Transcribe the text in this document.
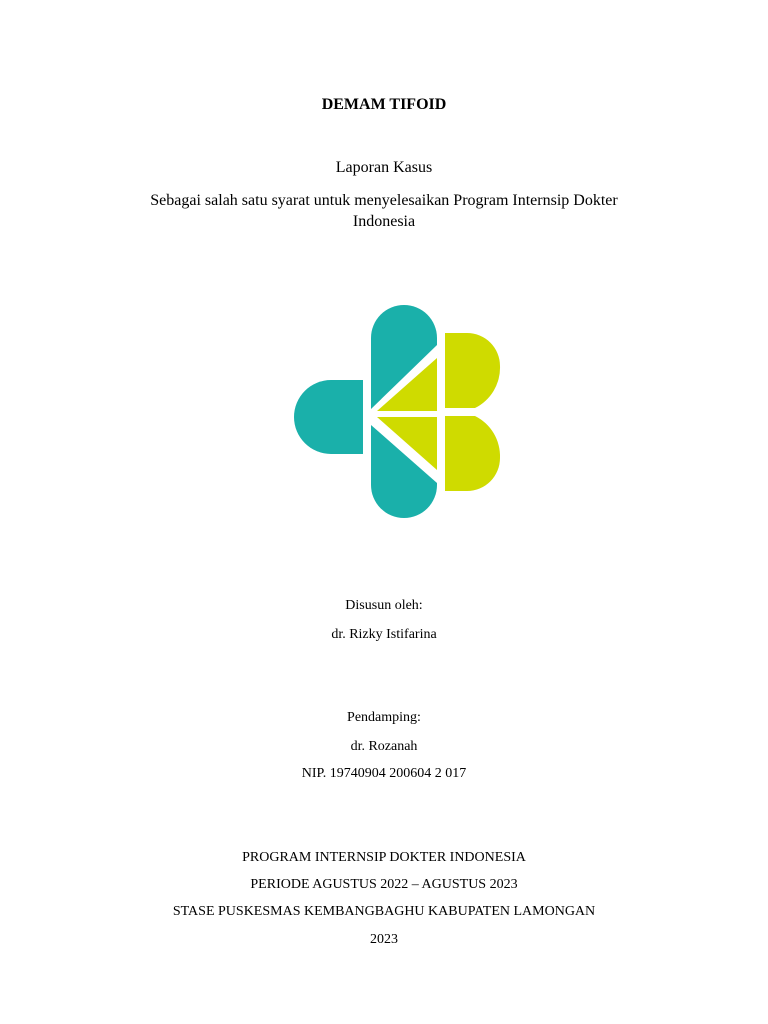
DEMAM TIFOID
Laporan Kasus
Sebagai salah satu syarat untuk menyelesaikan Program Internsip Dokter
Indonesia
Disusun oleh:
dr. Rizky Istifarina
Pendamping:
dr. Rozanah
NIP. 19740904 200604 2 017
PROGRAM INTERNSIP DOKTER INDONESIA
PERIODE AGUSTUS 2022 – AGUSTUS 2023
STASE PUSKESMAS KEMBANGBAGHU KABUPATEN LAMONGAN
2023
